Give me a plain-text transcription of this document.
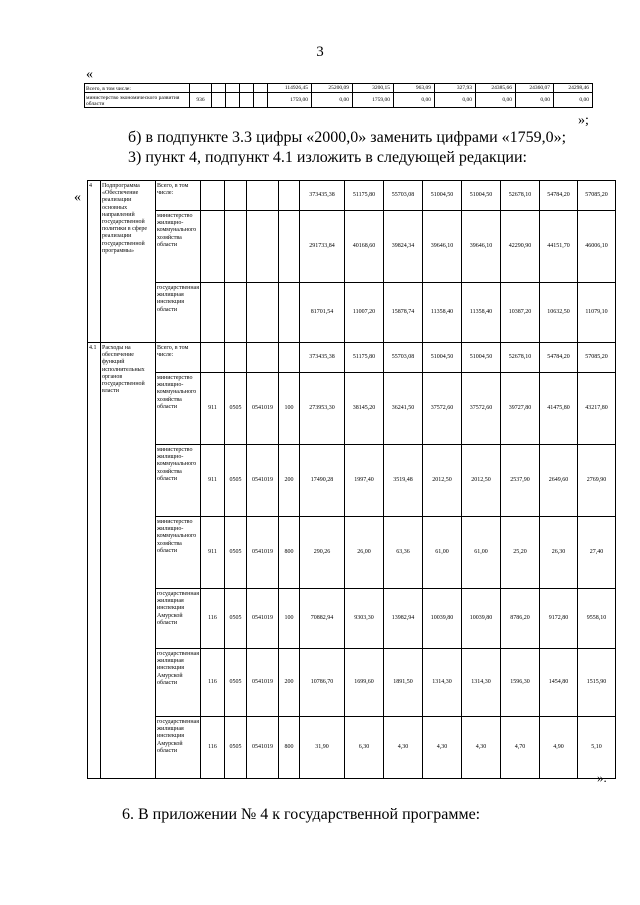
3
«
Всего, в том числе:						114926,45	25200,09	3200,15	963,09	327,93	24385,66	24360,07	24298,46
министерство экономического развития области	936					1759,00	0,00	1759,00	0,00	0,00	0,00	0,00	0,00
»;
б) в подпункте 3.3 цифры «2000,0» заменить цифрами «1759,0»;
3) пункт 4, подпункт 4.1 изложить в следующей редакции:
«
4	Подпрограмма «Обеспечение реализации основных направлений государственной политики в сфере реализации государственной программы»	Всего, в том числе:					373435,38	51175,80	55703,08	51004,50	51004,50	52678,10	54784,20	57085,20
		министерство жилищно-коммунального хозяйства области					291733,84	40168,60	39824,34	39646,10	39646,10	42290,90	44151,70	46006,10
		государственная жилищная инспекция области					81701,54	11007,20	15878,74	11358,40	11358,40	10387,20	10632,50	11079,10
4.1	Расходы на обеспечение функций исполнительных органов государственной власти	Всего, в том числе:					373435,38	51175,80	55703,08	51004,50	51004,50	52678,10	54784,20	57085,20
		министерство жилищно-коммунального хозяйства области	911	0505	0541019	100	273953,30	38145,20	36241,50	37572,60	37572,60	39727,80	41475,80	43217,80
		министерство жилищно-коммунального хозяйства области	911	0505	0541019	200	17490,28	1997,40	3519,48	2012,50	2012,50	2537,90	2649,60	2769,90
		министерство жилищно-коммунального хозяйства области	911	0505	0541019	800	290,26	26,00	63,36	61,00	61,00	25,20	26,30	27,40
		государственная жилищная инспекция Амурской области	116	0505	0541019	100	70882,94	9303,30	13982,94	10039,80	10039,80	8786,20	9172,80	9558,10
		государственная жилищная инспекция Амурской области	116	0505	0541019	200	10786,70	1699,60	1891,50	1314,30	1314,30	1596,30	1454,80	1515,90
		государственная жилищная инспекция Амурской области	116	0505	0541019	800	31,90	6,30	4,30	4,30	4,30	4,70	4,90	5,10
».
6. В приложении № 4 к государственной программе:
